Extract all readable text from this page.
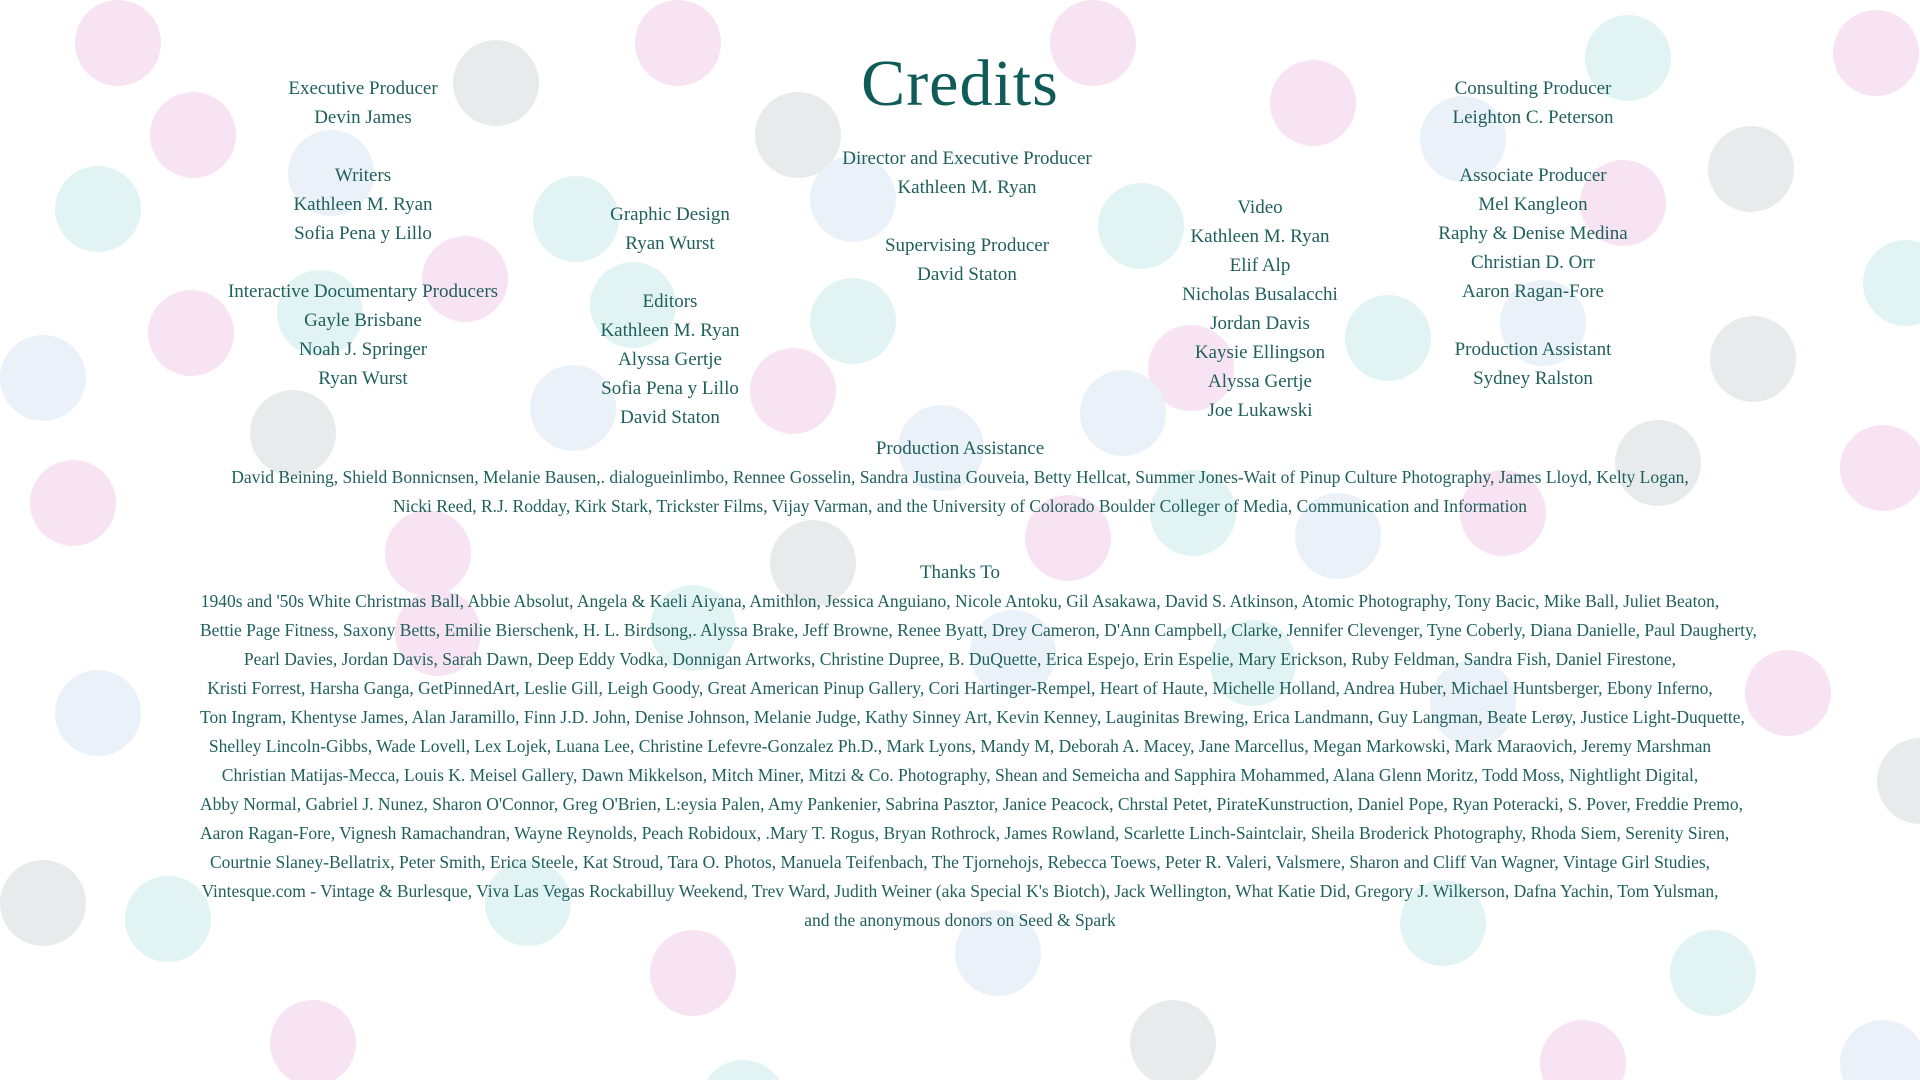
Credits
Executive Producer
Devin James
Writers
Kathleen M. Ryan
Sofia Pena y Lillo
Interactive Documentary Producers
Gayle Brisbane
Noah J. Springer
Ryan Wurst
Graphic Design
Ryan Wurst
Editors
Kathleen M. Ryan
Alyssa Gertje
Sofia Pena y Lillo
David Staton
Director and Executive Producer
Kathleen M. Ryan
Supervising Producer
David Staton
Video
Kathleen M. Ryan
Elif Alp
Nicholas Busalacchi
Jordan Davis
Kaysie Ellingson
Alyssa Gertje
Joe Lukawski
Consulting Producer
Leighton C. Peterson
Associate Producer
Mel Kangleon
Raphy & Denise Medina
Christian D. Orr
Aaron Ragan-Fore
Production Assistant
Sydney Ralston
Production Assistance
David Beining, Shield Bonnicnsen, Melanie Bausen,. dialogueinlimbo, Rennee Gosselin, Sandra Justina Gouveia, Betty Hellcat, Summer Jones-Wait of Pinup Culture Photography, James Lloyd, Kelty Logan,
Nicki Reed, R.J. Rodday, Kirk Stark, Trickster Films, Vijay Varman, and the University of Colorado Boulder Colleger of Media, Communication and Information
Thanks To
1940s and '50s White Christmas Ball, Abbie Absolut, Angela & Kaeli Aiyana, Amithlon, Jessica Anguiano, Nicole Antoku, Gil Asakawa, David S. Atkinson, Atomic Photography, Tony Bacic, Mike Ball, Juliet Beaton,
Bettie Page Fitness, Saxony Betts, Emilie Bierschenk, H. L. Birdsong,. Alyssa Brake, Jeff Browne, Renee Byatt, Drey Cameron, D'Ann Campbell, Clarke, Jennifer Clevenger, Tyne Coberly, Diana Danielle, Paul Daugherty,
Pearl Davies, Jordan Davis, Sarah Dawn, Deep Eddy Vodka, Donnigan Artworks, Christine Dupree, B. DuQuette, Erica Espejo, Erin Espelie, Mary Erickson, Ruby Feldman, Sandra Fish, Daniel Firestone,
Kristi Forrest, Harsha Ganga, GetPinnedArt, Leslie Gill, Leigh Goody, Great American Pinup Gallery, Cori Hartinger-Rempel, Heart of Haute, Michelle Holland, Andrea Huber, Michael Huntsberger, Ebony Inferno,
Ton Ingram, Khentyse James, Alan Jaramillo, Finn J.D. John, Denise Johnson, Melanie Judge, Kathy Sinney Art, Kevin Kenney, Lauginitas Brewing, Erica Landmann, Guy Langman, Beate Lerøy, Justice Light-Duquette,
Shelley Lincoln-Gibbs, Wade Lovell, Lex Lojek, Luana Lee, Christine Lefevre-Gonzalez Ph.D., Mark Lyons, Mandy M, Deborah A. Macey, Jane Marcellus, Megan Markowski, Mark Maraovich, Jeremy Marshman
Christian Matijas-Mecca, Louis K. Meisel Gallery, Dawn Mikkelson, Mitch Miner, Mitzi & Co. Photography, Shean and Semeicha and Sapphira Mohammed, Alana Glenn Moritz, Todd Moss, Nightlight Digital,
Abby Normal, Gabriel J. Nunez, Sharon O'Connor, Greg O'Brien, L:eysia Palen, Amy Pankenier, Sabrina Pasztor, Janice Peacock, Chrstal Petet, PirateKunstruction, Daniel Pope, Ryan Poteracki, S. Pover, Freddie Premo,
Aaron Ragan-Fore, Vignesh Ramachandran, Wayne Reynolds, Peach Robidoux, .Mary T. Rogus, Bryan Rothrock, James Rowland, Scarlette Linch-Saintclair, Sheila Broderick Photography, Rhoda Siem, Serenity Siren,
Courtnie Slaney-Bellatrix, Peter Smith, Erica Steele, Kat Stroud, Tara O. Photos, Manuela Teifenbach, The Tjornehojs, Rebecca Toews, Peter R. Valeri, Valsmere, Sharon and Cliff Van Wagner, Vintage Girl Studies,
Vintesque.com - Vintage & Burlesque, Viva Las Vegas Rockabilluy Weekend, Trev Ward, Judith Weiner (aka Special K's Biotch), Jack Wellington, What Katie Did, Gregory J. Wilkerson, Dafna Yachin, Tom Yulsman,
and the anonymous donors on Seed & Spark
